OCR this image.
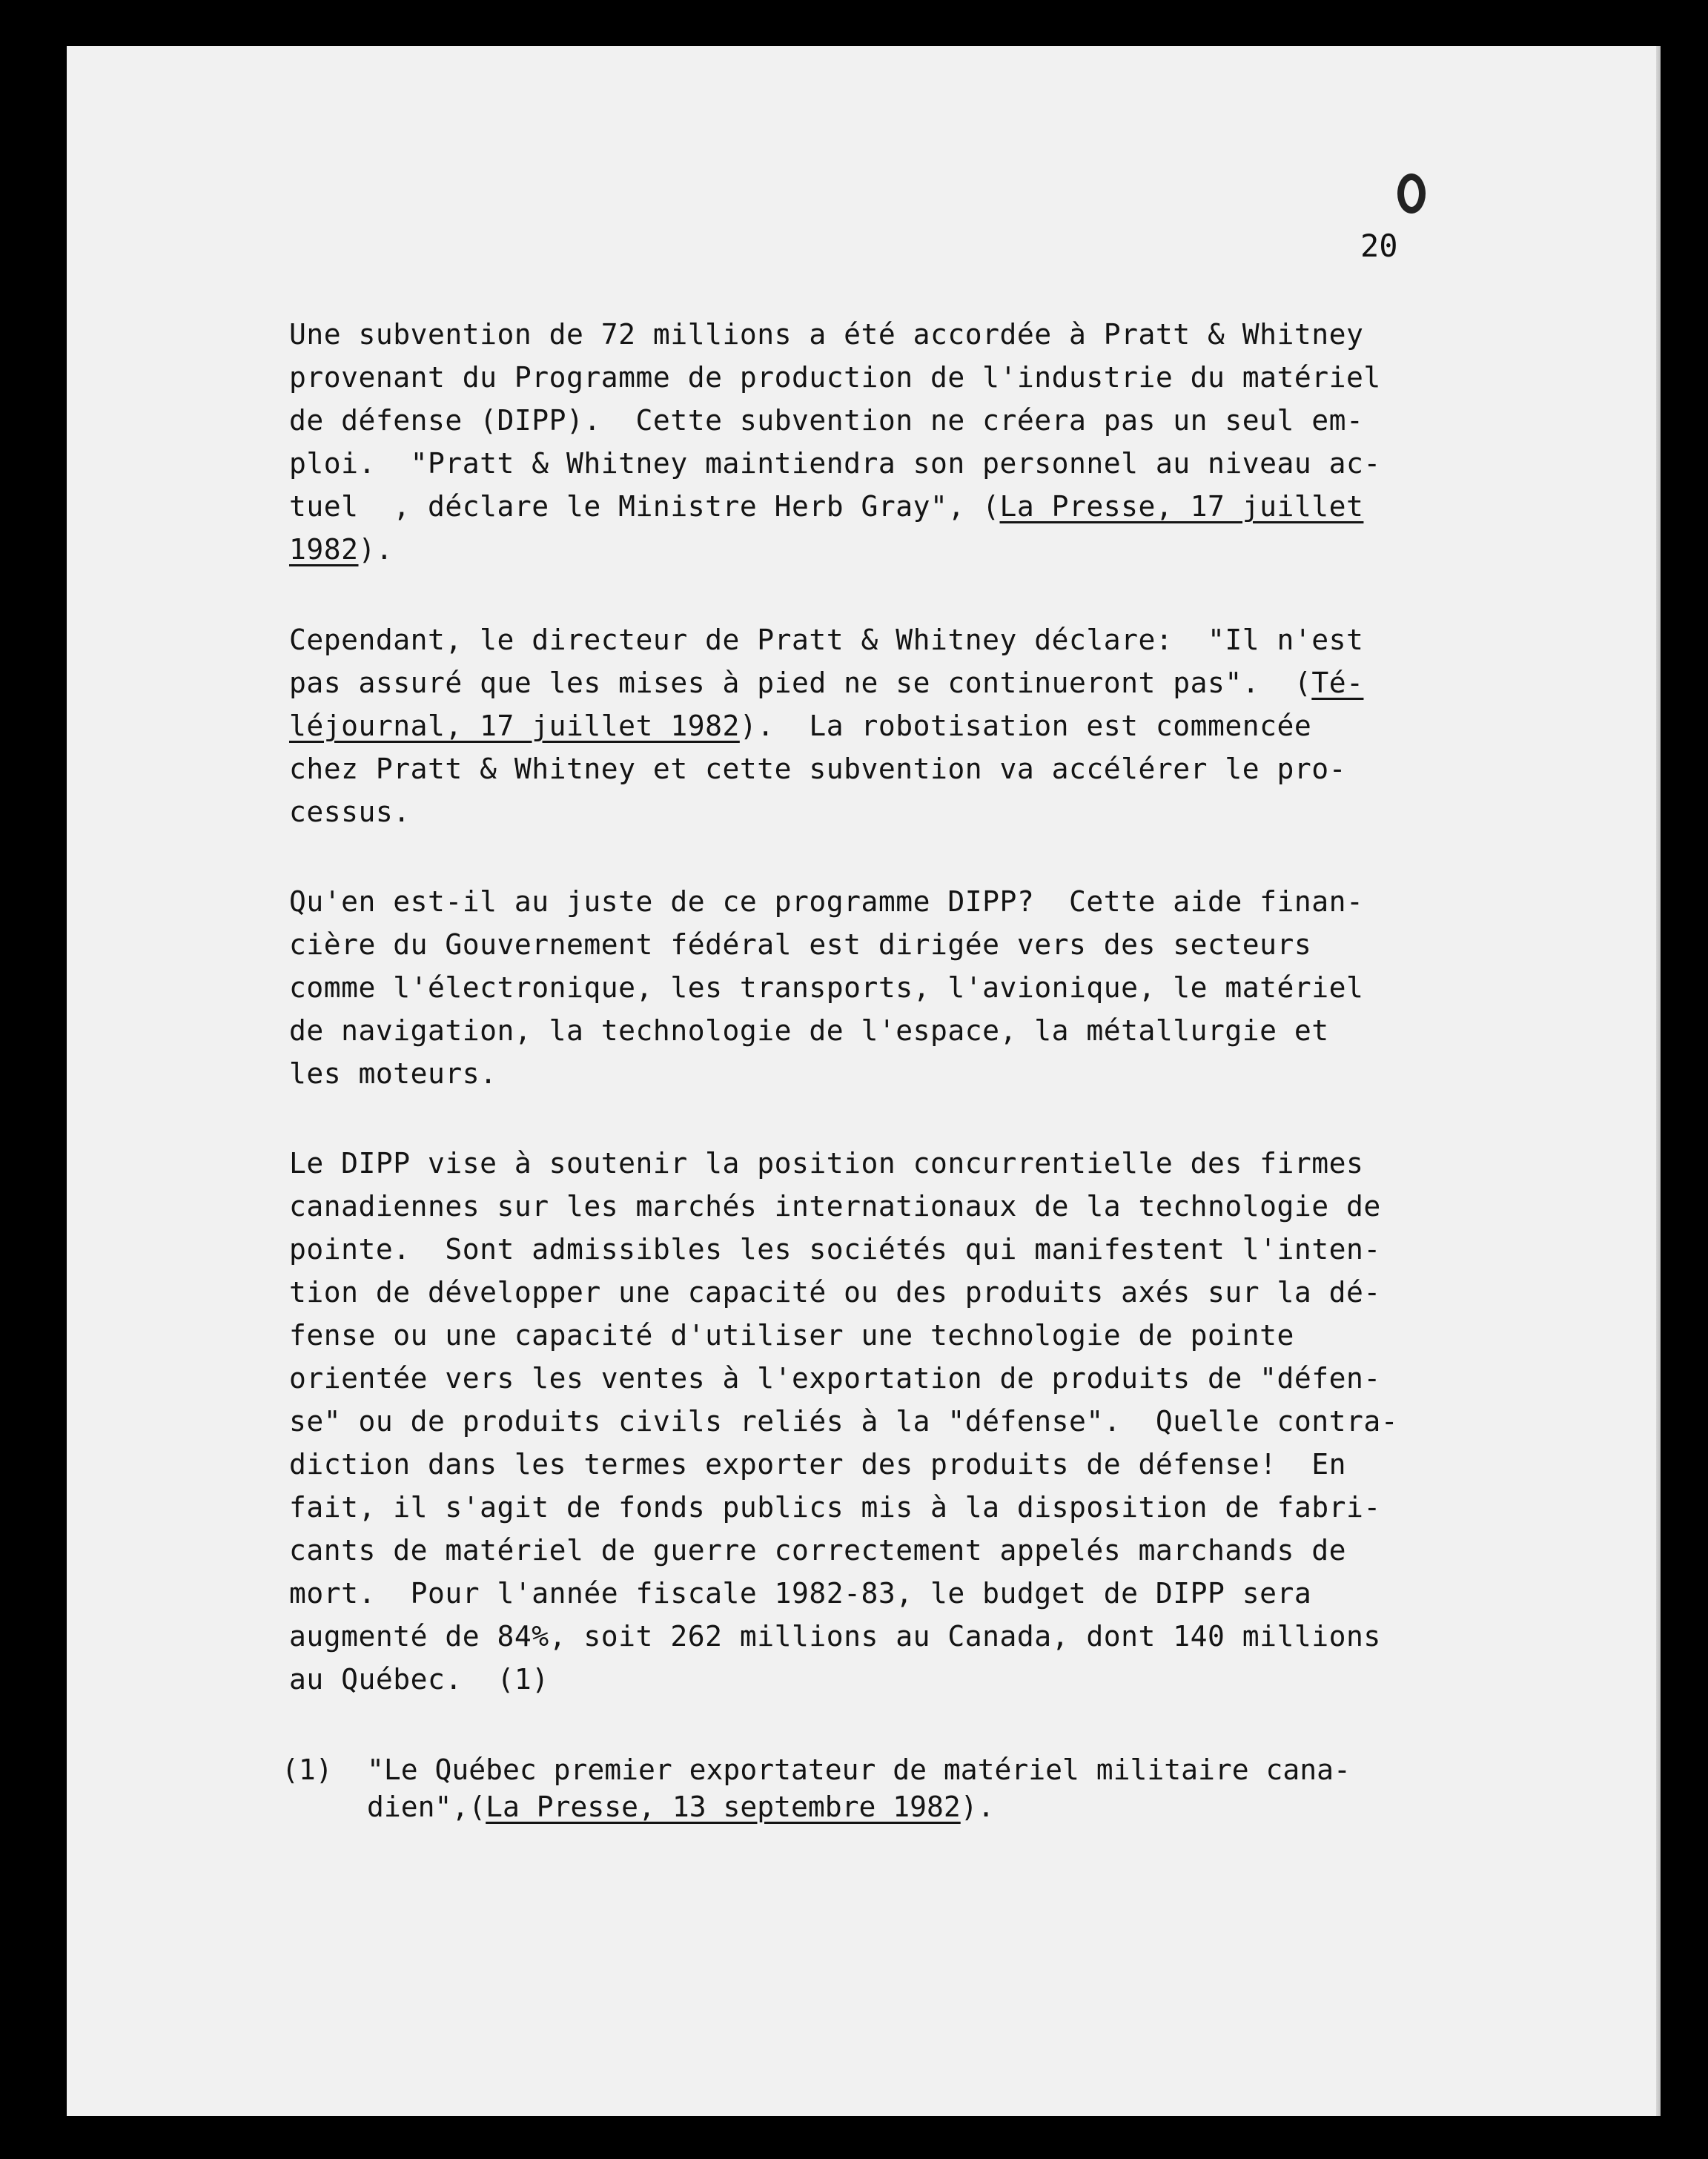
20
Une subvention de 72 millions a été accordée à Pratt & Whitney
provenant du Programme de production de l'industrie du matériel
de défense (DIPP).  Cette subvention ne créera pas un seul em-
ploi.  "Pratt & Whitney maintiendra son personnel au niveau ac-
tuel  , déclare le Ministre Herb Gray", (La Presse, 17 juillet
1982).
Cependant, le directeur de Pratt & Whitney déclare:  "Il n'est
pas assuré que les mises à pied ne se continueront pas".  (Té-
léjournal, 17 juillet 1982).  La robotisation est commencée
chez Pratt & Whitney et cette subvention va accélérer le pro-
cessus.
Qu'en est-il au juste de ce programme DIPP?  Cette aide finan-
cière du Gouvernement fédéral est dirigée vers des secteurs
comme l'électronique, les transports, l'avionique, le matériel
de navigation, la technologie de l'espace, la métallurgie et
les moteurs.
Le DIPP vise à soutenir la position concurrentielle des firmes
canadiennes sur les marchés internationaux de la technologie de
pointe.  Sont admissibles les sociétés qui manifestent l'inten-
tion de développer une capacité ou des produits axés sur la dé-
fense ou une capacité d'utiliser une technologie de pointe
orientée vers les ventes à l'exportation de produits de "défen-
se" ou de produits civils reliés à la "défense".  Quelle contra-
diction dans les termes exporter des produits de défense!  En
fait, il s'agit de fonds publics mis à la disposition de fabri-
cants de matériel de guerre correctement appelés marchands de
mort.  Pour l'année fiscale 1982-83, le budget de DIPP sera
augmenté de 84%, soit 262 millions au Canada, dont 140 millions
au Québec.  (1)
(1) "Le Québec premier exportateur de matériel militaire cana-
dien",(La Presse, 13 septembre 1982).
